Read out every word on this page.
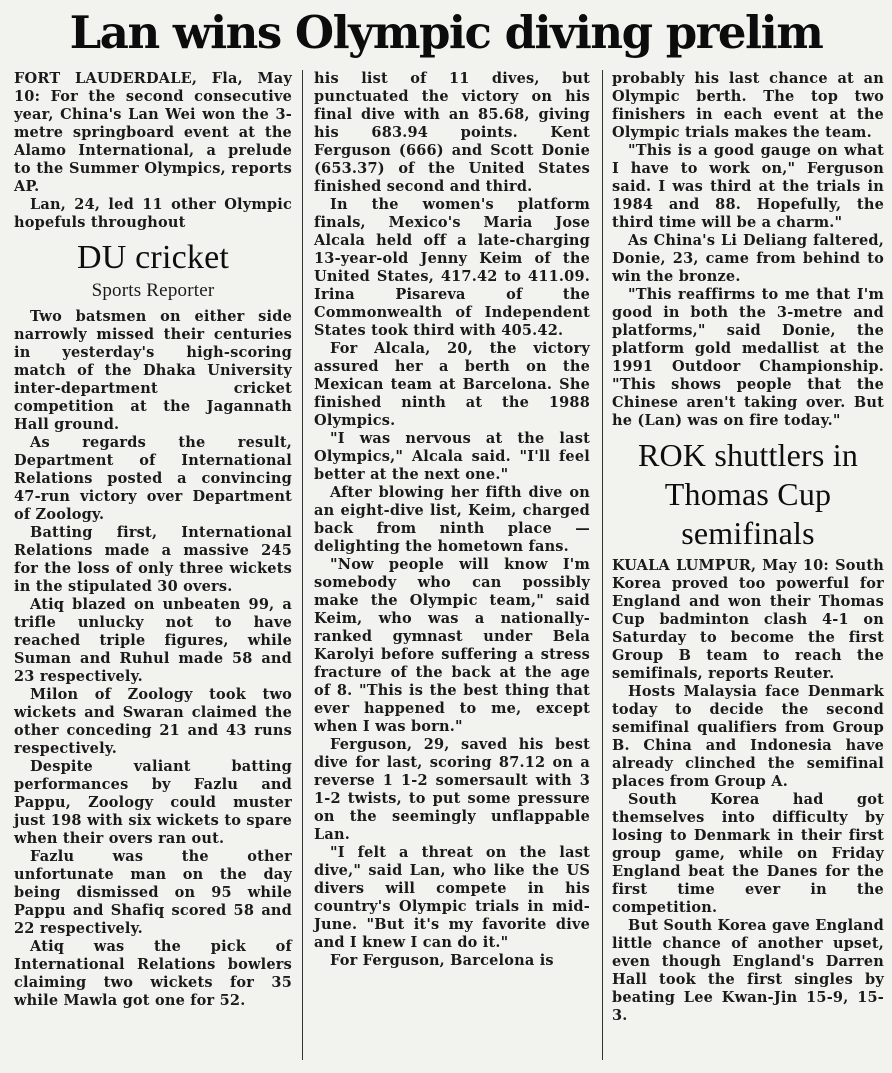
Lan wins Olympic diving prelim

FORT LAUDERDALE, Fla, May 10: For the second consecutive year, China's Lan Wei won the 3-metre springboard event at the Alamo International, a prelude to the Summer Olympics, reports AP.

Lan, 24, led 11 other Olympic hopefuls throughout

DU cricket
Sports Reporter

Two batsmen on either side narrowly missed their centuries in yesterday's high-scoring match of the Dhaka University inter-department cricket competition at the Jagannath Hall ground.

As regards the result, Department of International Relations posted a convincing 47-run victory over Department of Zoology.

Batting first, International Relations made a massive 245 for the loss of only three wickets in the stipulated 30 overs.

Atiq blazed on unbeaten 99, a trifle unlucky not to have reached triple figures, while Suman and Ruhul made 58 and 23 respectively.

Milon of Zoology took two wickets and Swaran claimed the other conceding 21 and 43 runs respectively.

Despite valiant batting performances by Fazlu and Pappu, Zoology could muster just 198 with six wickets to spare when their overs ran out.

Fazlu was the other unfortunate man on the day being dismissed on 95 while Pappu and Shafiq scored 58 and 22 respectively.

Atiq was the pick of International Relations bowlers claiming two wickets for 35 while Mawla got one for 52.

his list of 11 dives, but punctuated the victory on his final dive with an 85.68, giving his 683.94 points. Kent Ferguson (666) and Scott Donie (653.37) of the United States finished second and third.

In the women's platform finals, Mexico's Maria Jose Alcala held off a late-charging 13-year-old Jenny Keim of the United States, 417.42 to 411.09. Irina Pisareva of the Commonwealth of Independent States took third with 405.42.

For Alcala, 20, the victory assured her a berth on the Mexican team at Barcelona. She finished ninth at the 1988 Olympics.

"I was nervous at the last Olympics," Alcala said. "I'll feel better at the next one."

After blowing her fifth dive on an eight-dive list, Keim, charged back from ninth place — delighting the hometown fans.

"Now people will know I'm somebody who can possibly make the Olympic team," said Keim, who was a nationally-ranked gymnast under Bela Karolyi before suffering a stress fracture of the back at the age of 8. "This is the best thing that ever happened to me, except when I was born."

Ferguson, 29, saved his best dive for last, scoring 87.12 on a reverse 1 1-2 somersault with 3 1-2 twists, to put some pressure on the seemingly unflappable Lan.

"I felt a threat on the last dive," said Lan, who like the US divers will compete in his country's Olympic trials in mid-June. "But it's my favorite dive and I knew I can do it."

For Ferguson, Barcelona is

probably his last chance at an Olympic berth. The top two finishers in each event at the Olympic trials makes the team.

"This is a good gauge on what I have to work on," Ferguson said. I was third at the trials in 1984 and 88. Hopefully, the third time will be a charm."

As China's Li Deliang faltered, Donie, 23, came from behind to win the bronze.

"This reaffirms to me that I'm good in both the 3-metre and platforms," said Donie, the platform gold medallist at the 1991 Outdoor Championship. "This shows people that the Chinese aren't taking over. But he (Lan) was on fire today."

ROK shuttlers in Thomas Cup semifinals

KUALA LUMPUR, May 10: South Korea proved too powerful for England and won their Thomas Cup badminton clash 4-1 on Saturday to become the first Group B team to reach the semifinals, reports Reuter.

Hosts Malaysia face Denmark today to decide the second semifinal qualifiers from Group B. China and Indonesia have already clinched the semifinal places from Group A.

South Korea had got themselves into difficulty by losing to Denmark in their first group game, while on Friday England beat the Danes for the first time ever in the competition.

But South Korea gave England little chance of another upset, even though England's Darren Hall took the first singles by beating Lee Kwan-Jin 15-9, 15-3.
